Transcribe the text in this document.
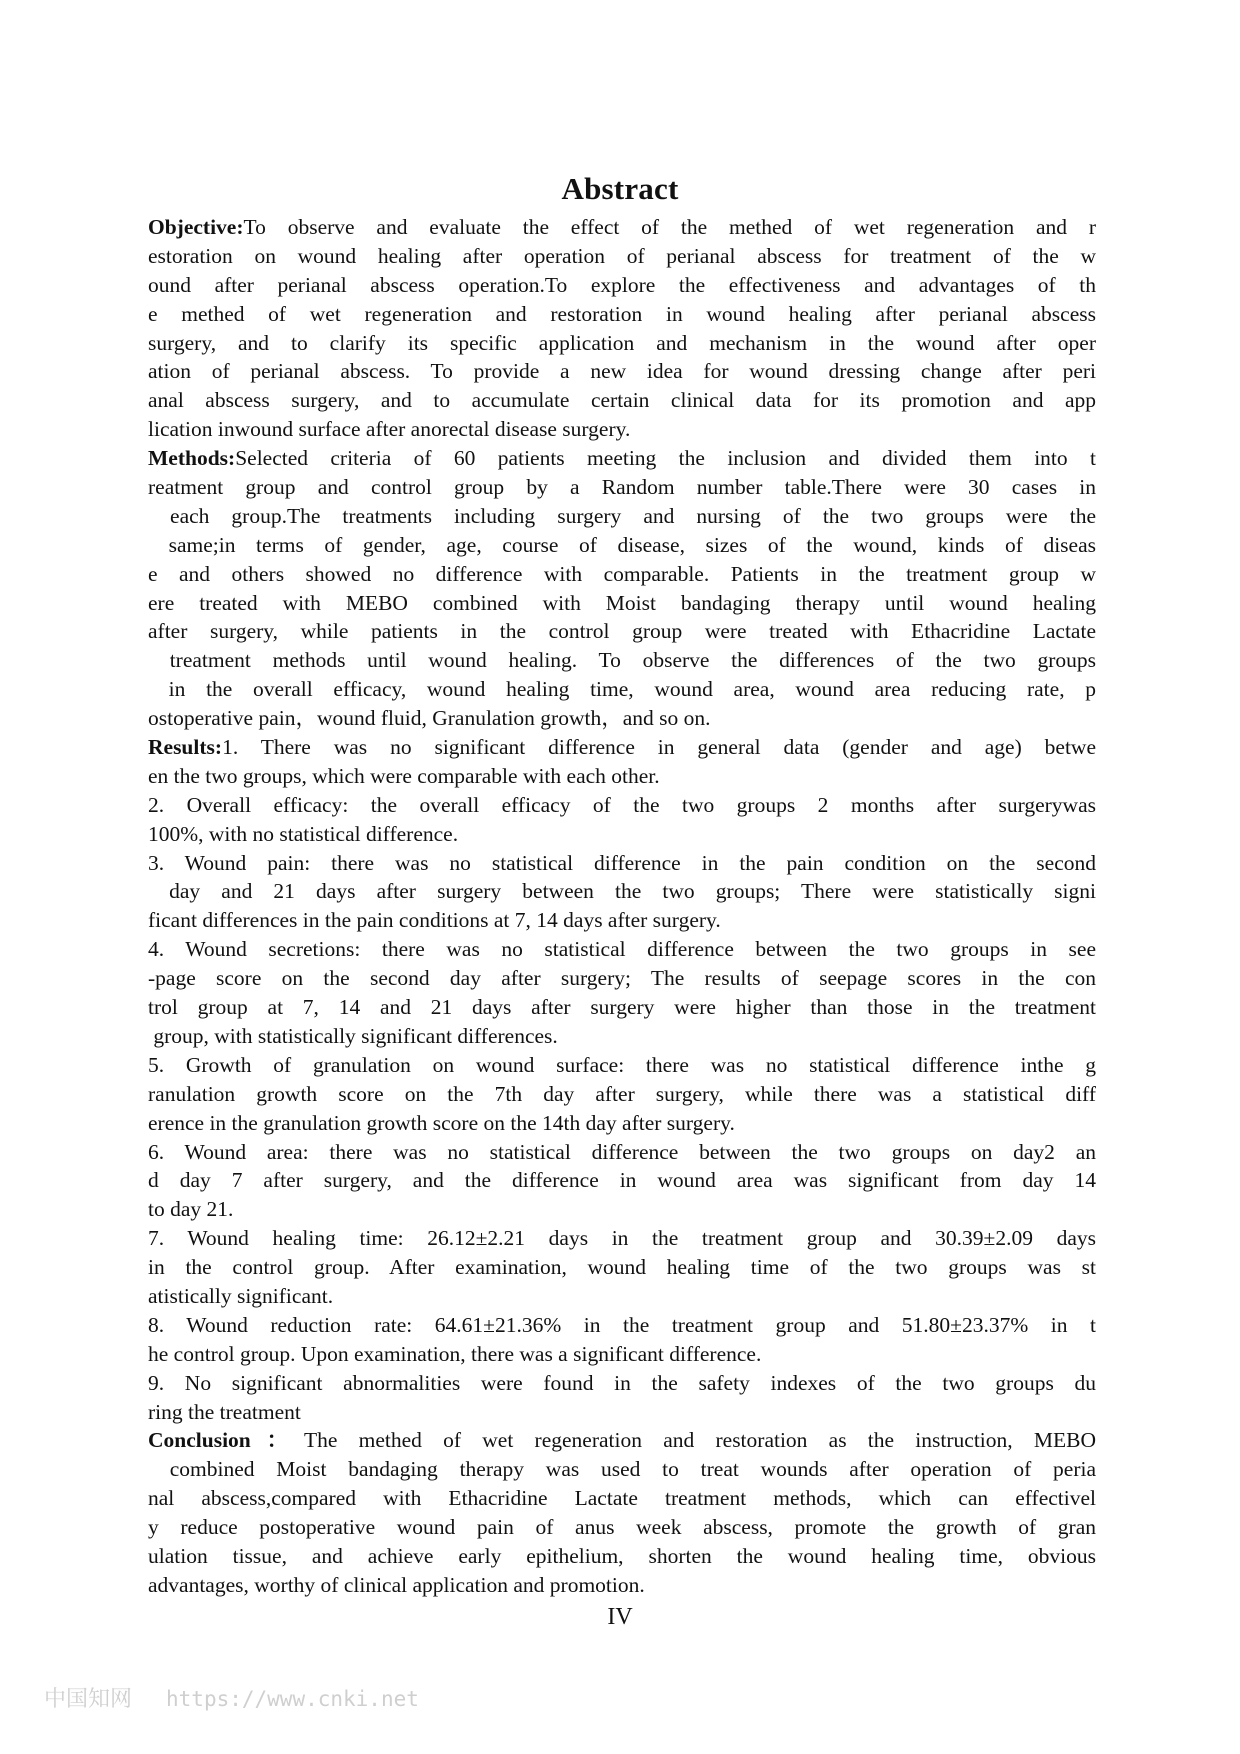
Abstract
Objective:To observe and evaluate the effect of the methed of wet regeneration and r
estoration on wound healing after operation of perianal abscess for treatment of the w
ound after perianal abscess operation.To explore the effectiveness and advantages of th
e methed of wet regeneration and restoration in wound healing after perianal abscess
surgery, and to clarify its specific application and mechanism in the wound after oper
ation of perianal abscess. To provide a new idea for wound dressing change after peri
anal abscess surgery, and to accumulate certain clinical data for its promotion and app
lication inwound surface after anorectal disease surgery.
Methods:Selected criteria of 60 patients meeting the inclusion and divided them into t
reatment group and control group by a Random number table.There were 30 cases in
each group.The treatments including surgery and nursing of the two groups were the
same;in terms of gender, age, course of disease, sizes of the wound, kinds of diseas
e and others showed no difference with comparable. Patients in the treatment group w
ere treated with MEBO combined with Moist bandaging therapy until wound healing
after surgery, while patients in the control group were treated with Ethacridine Lactate
treatment methods until wound healing. To observe the differences of the two groups
in the overall efficacy, wound healing time, wound area, wound area reducing rate, p
ostoperative pain，wound fluid, Granulation growth，and so on.
Results:1. There was no significant difference in general data (gender and age) betwe
en the two groups, which were comparable with each other.
2. Overall efficacy: the overall efficacy of the two groups 2 months after surgerywas
100%, with no statistical difference.
3. Wound pain: there was no statistical difference in the pain condition on the second
day and 21 days after surgery between the two groups; There were statistically signi
ficant differences in the pain conditions at 7, 14 days after surgery.
4. Wound secretions: there was no statistical difference between the two groups in see
-page score on the second day after surgery; The results of seepage scores in the con
trol group at 7, 14 and 21 days after surgery were higher than those in the treatment
group, with statistically significant differences.
5. Growth of granulation on wound surface: there was no statistical difference inthe g
ranulation growth score on the 7th day after surgery, while there was a statistical diff
erence in the granulation growth score on the 14th day after surgery.
6. Wound area: there was no statistical difference between the two groups on day2 an
d day 7 after surgery, and the difference in wound area was significant from day 14
to day 21.
7. Wound healing time: 26.12±2.21 days in the treatment group and 30.39±2.09 days
in the control group. After examination, wound healing time of the two groups was st
atistically significant.
8. Wound reduction rate: 64.61±21.36% in the treatment group and 51.80±23.37% in t
he control group. Upon examination, there was a significant difference.
9. No significant abnormalities were found in the safety indexes of the two groups du
ring the treatment
Conclusion：The methed of wet regeneration and restoration as the instruction, MEBO
combined Moist bandaging therapy was used to treat wounds after operation of peria
nal abscess,compared with Ethacridine Lactate treatment methods, which can effectivel
y reduce postoperative wound pain of anus week abscess, promote the growth of gran
ulation tissue, and achieve early epithelium, shorten the wound healing time, obvious
advantages, worthy of clinical application and promotion.
IV
中国知网 https://www.cnki.net
